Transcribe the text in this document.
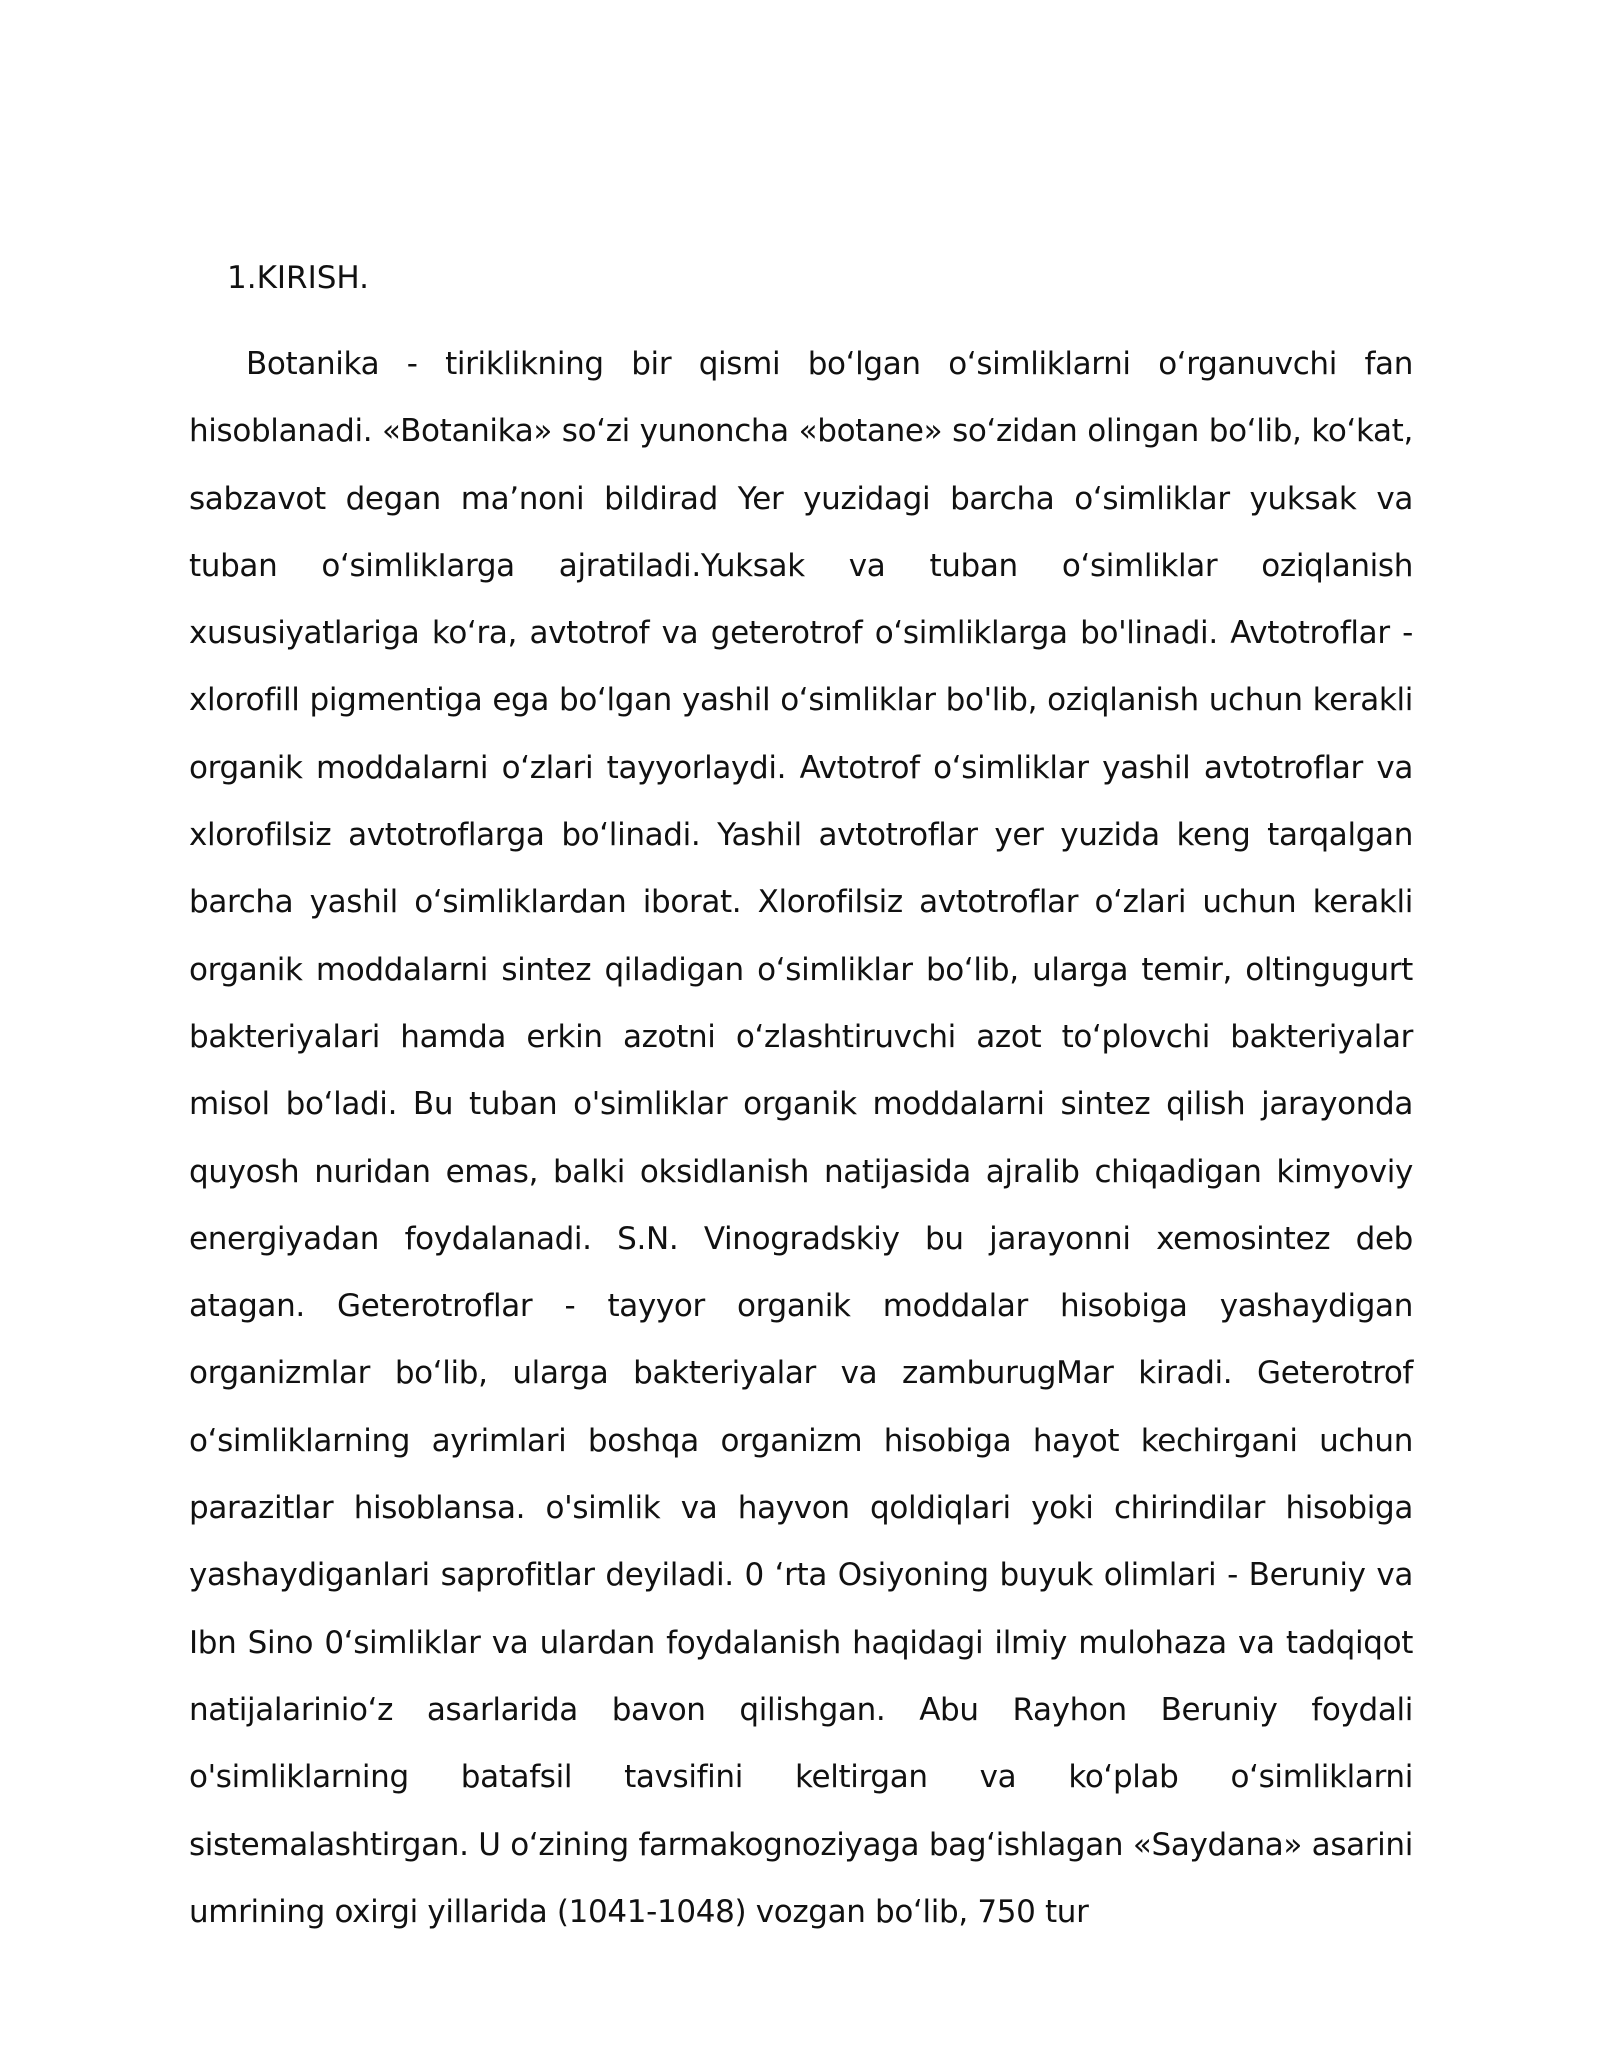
1.KIRISH.

Botanika - tiriklikning bir qismi bo‘lgan o‘simliklarni o‘rganuvchi fan hisoblanadi. «Botanika» so‘zi yunoncha «botane» so‘zidan olingan bo‘lib, ko‘kat, sabzavot degan ma’noni bildirad Yer yuzidagi barcha o‘simliklar yuksak va tuban o‘simlikIarga ajratiladi.Yuksak va tuban o‘simliklar oziqlanish xususiyatlariga ko‘ra, avtotrof va geterotrof o‘simliklarga bo'linadi. Avtotroflar - xlorofill pigmentiga ega bo‘lgan yashil o‘simliklar bo'lib, oziqlanish uchun kerakli organik moddalarni o‘zlari tayyorlaydi. Avtotrof o‘simliklar yashil avtotroflar va xlorofilsiz avtotroflarga bo‘linadi. Yashil avtotroflar yer yuzida keng tarqalgan barcha yashil o‘simliklardan iborat. Xlorofilsiz avtotroflar o‘zlari uchun kerakli organik moddalarni sintez qiladigan o‘simliklar bo‘lib, ularga temir, oltingugurt bakteriyalari hamda erkin azotni o‘zlashtiruvchi azot to‘plovchi bakteriyalar misol bo‘ladi. Bu tuban o'simliklar organik moddalarni sintez qilish jarayonda quyosh nuridan emas, balki oksidlanish natijasida ajralib chiqadigan kimyoviy energiyadan foydalanadi. S.N. Vinogradskiy bu jarayonni xemosintez deb atagan. Geterotroflar - tayyor organik moddalar hisobiga yashaydigan organizmlar bo‘lib, ularga bakteriyalar va zamburugMar kiradi. Geterotrof o‘simliklarning ayrimlari boshqa organizm hisobiga hayot kechirgani uchun parazitlar hisoblansa. o'simlik va hayvon qoldiqlari yoki chirindilar hisobiga yashaydiganlari saprofitlar deyiladi. 0 ‘rta Osiyoning buyuk olimlari - Beruniy va Ibn Sino 0‘simliklar va ulardan foydalanish haqidagi ilmiy mulohaza va tadqiqot natijalarinio‘z asarlarida bavon qilishgan. Abu Rayhon Beruniy foydali o'simliklarning batafsil tavsifini keltirgan va ko‘plab o‘simliklarni sistemalashtirgan. U o‘zining farmakognoziyaga bag‘ishlagan «Saydana» asarini umrining oxirgi yillarida (1041-1048) vozgan bo‘lib, 750 tur
